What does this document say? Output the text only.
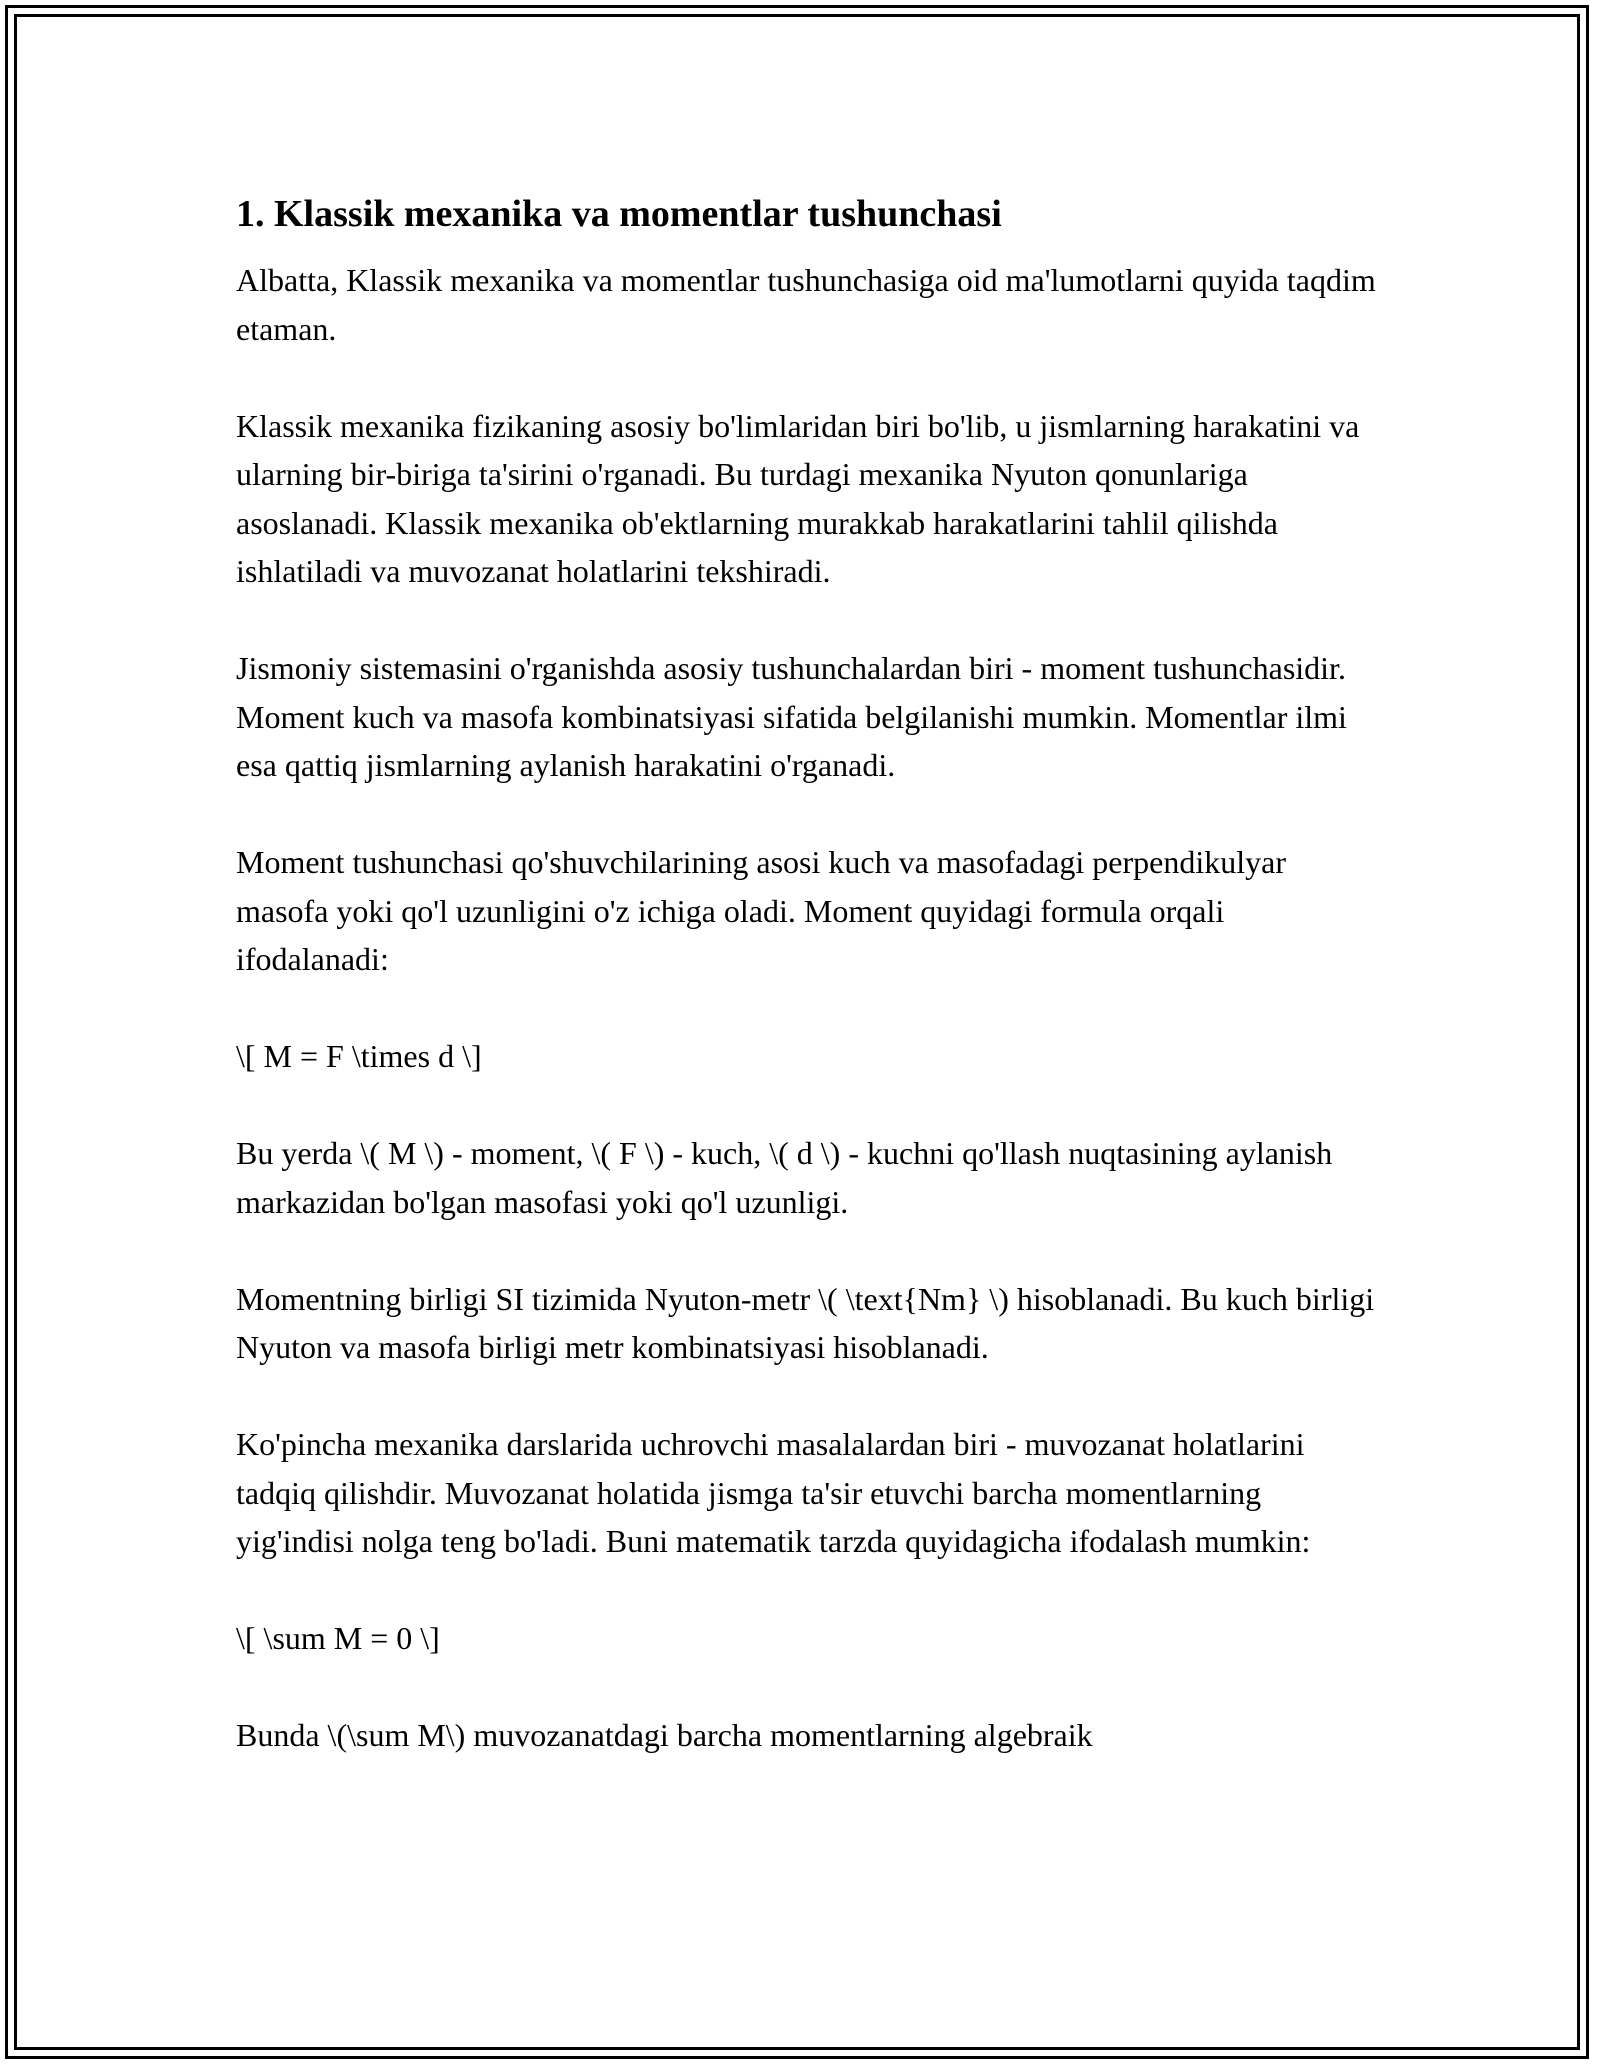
1. Klassik mexanika va momentlar tushunchasi

Albatta, Klassik mexanika va momentlar tushunchasiga oid ma'lumotlarni quyida taqdim etaman.

Klassik mexanika fizikaning asosiy bo'limlaridan biri bo'lib, u jismlarning harakatini va ularning bir-biriga ta'sirini o'rganadi. Bu turdagi mexanika Nyuton qonunlariga asoslanadi. Klassik mexanika ob'ektlarning murakkab harakatlarini tahlil qilishda ishlatiladi va muvozanat holatlarini tekshiradi.

Jismoniy sistemasini o'rganishda asosiy tushunchalardan biri - moment tushunchasidir. Moment kuch va masofa kombinatsiyasi sifatida belgilanishi mumkin. Momentlar ilmi esa qattiq jismlarning aylanish harakatini o'rganadi.

Moment tushunchasi qo'shuvchilarining asosi kuch va masofadagi perpendikulyar masofa yoki qo'l uzunligini o'z ichiga oladi. Moment quyidagi formula orqali ifodalanadi:

\[ M = F \times d \]

Bu yerda \( M \) - moment, \( F \) - kuch, \( d \) - kuchni qo'llash nuqtasining aylanish markazidan bo'lgan masofasi yoki qo'l uzunligi.

Momentning birligi SI tizimida Nyuton-metr \( \text{Nm} \) hisoblanadi. Bu kuch birligi Nyuton va masofa birligi metr kombinatsiyasi hisoblanadi.

Ko'pincha mexanika darslarida uchrovchi masalalardan biri - muvozanat holatlarini tadqiq qilishdir. Muvozanat holatida jismga ta'sir etuvchi barcha momentlarning yig'indisi nolga teng bo'ladi. Buni matematik tarzda quyidagicha ifodalash mumkin:

\[ \sum M = 0 \]

Bunda \(\sum M\) muvozanatdagi barcha momentlarning algebraik
